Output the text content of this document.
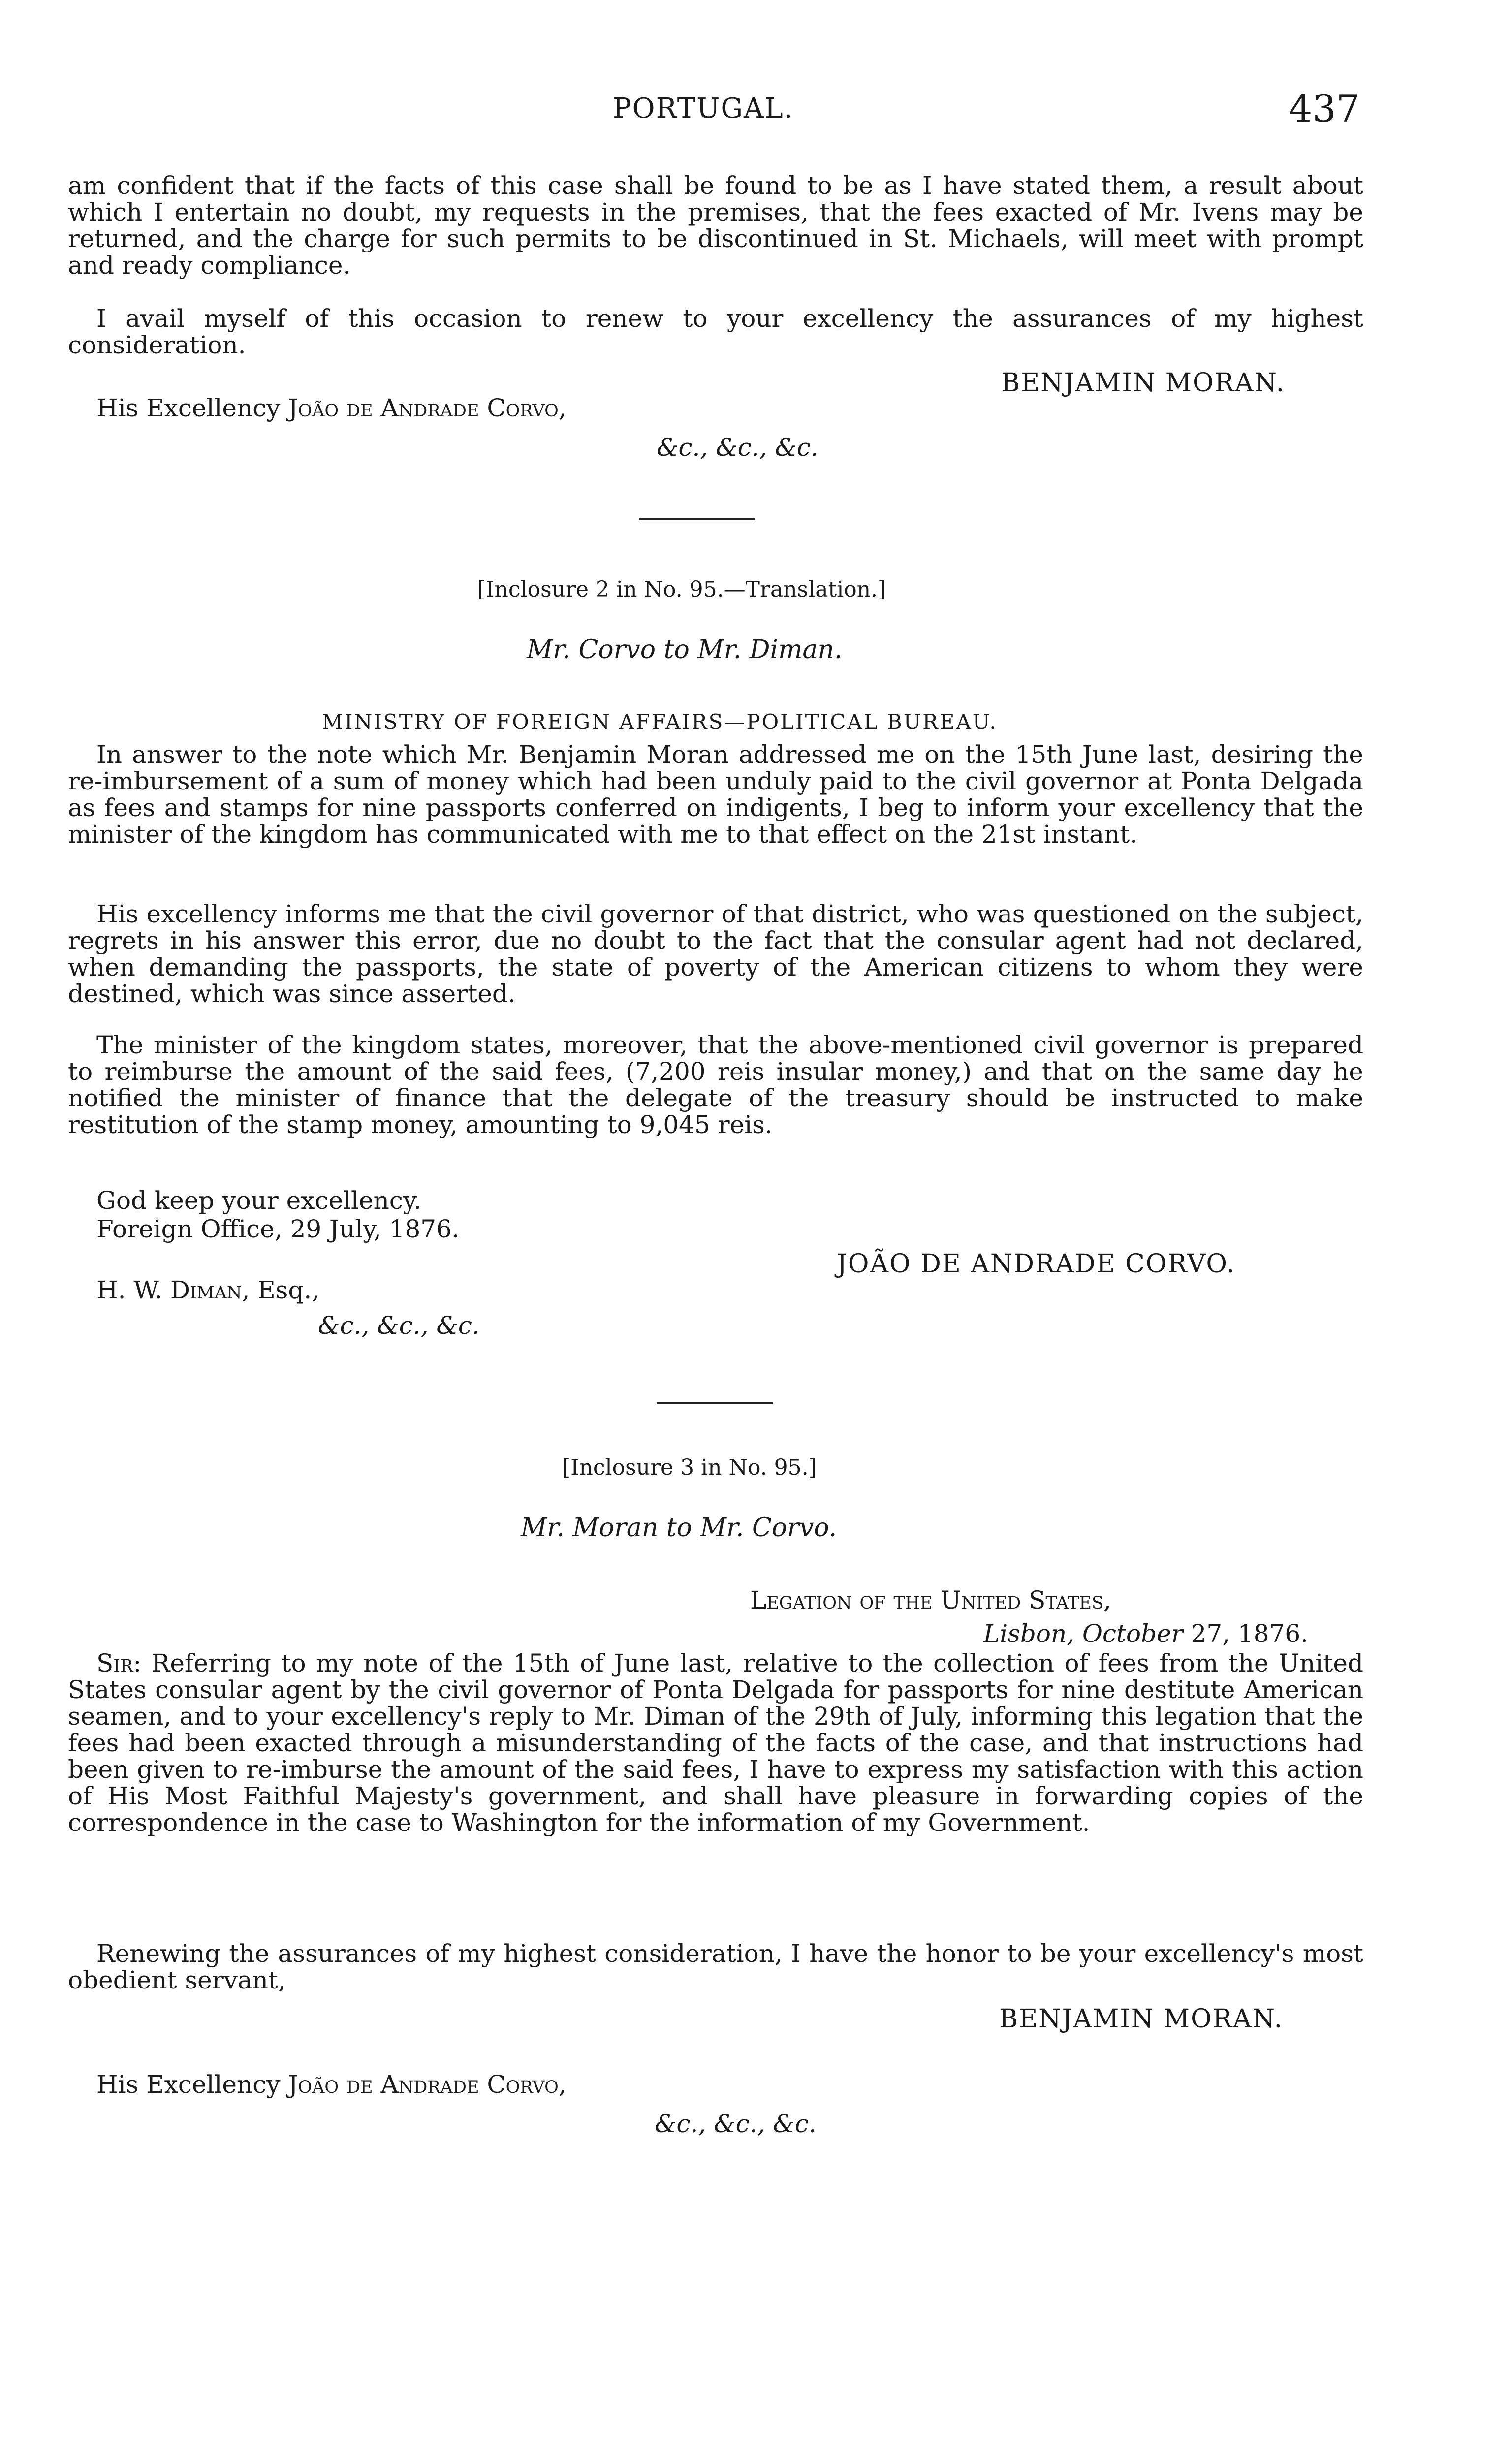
PORTUGAL.	437

am confident that if the facts of this case shall be found to be as I have stated them, a result about which I entertain no doubt, my requests in the premises, that the fees exacted of Mr. Ivens may be returned, and the charge for such permits to be discontinued in St. Michaels, will meet with prompt and ready compliance.

I avail myself of this occasion to renew to your excellency the assurances of my highest consideration.

BENJAMIN MORAN.
His Excellency João de Andrade Corvo,
&c., &c., &c.
[Inclosure 2 in No. 95.—Translation.]
Mr. Corvo to Mr. Diman.
MINISTRY OF FOREIGN AFFAIRS—POLITICAL BUREAU.

In answer to the note which Mr. Benjamin Moran addressed me on the 15th June last, desiring the re-imbursement of a sum of money which had been unduly paid to the civil governor at Ponta Delgada as fees and stamps for nine passports conferred on indigents, I beg to inform your excellency that the minister of the kingdom has communicated with me to that effect on the 21st instant.

His excellency informs me that the civil governor of that district, who was questioned on the subject, regrets in his answer this error, due no doubt to the fact that the consular agent had not declared, when demanding the passports, the state of poverty of the American citizens to whom they were destined, which was since asserted.

The minister of the kingdom states, moreover, that the above-mentioned civil governor is prepared to reimburse the amount of the said fees, (7,200 reis insular money,) and that on the same day he notified the minister of finance that the delegate of the treasury should be instructed to make restitution of the stamp money, amounting to 9,045 reis.

God keep your excellency.
Foreign Office, 29 July, 1876.
JOÃO DE ANDRADE CORVO.
H. W. Diman, Esq.,
&c., &c., &c.
[Inclosure 3 in No. 95.]
Mr. Moran to Mr. Corvo.
Legation of the United States,
Lisbon, October 27, 1876.

Sir: Referring to my note of the 15th of June last, relative to the collection of fees from the United States consular agent by the civil governor of Ponta Delgada for passports for nine destitute American seamen, and to your excellency's reply to Mr. Diman of the 29th of July, informing this legation that the fees had been exacted through a misunderstanding of the facts of the case, and that instructions had been given to re-imburse the amount of the said fees, I have to express my satisfaction with this action of His Most Faithful Majesty's government, and shall have pleasure in forwarding copies of the correspondence in the case to Washington for the information of my Government.

Renewing the assurances of my highest consideration, I have the honor to be your excellency's most obedient servant,

BENJAMIN MORAN.
His Excellency João de Andrade Corvo,
&c., &c., &c.
